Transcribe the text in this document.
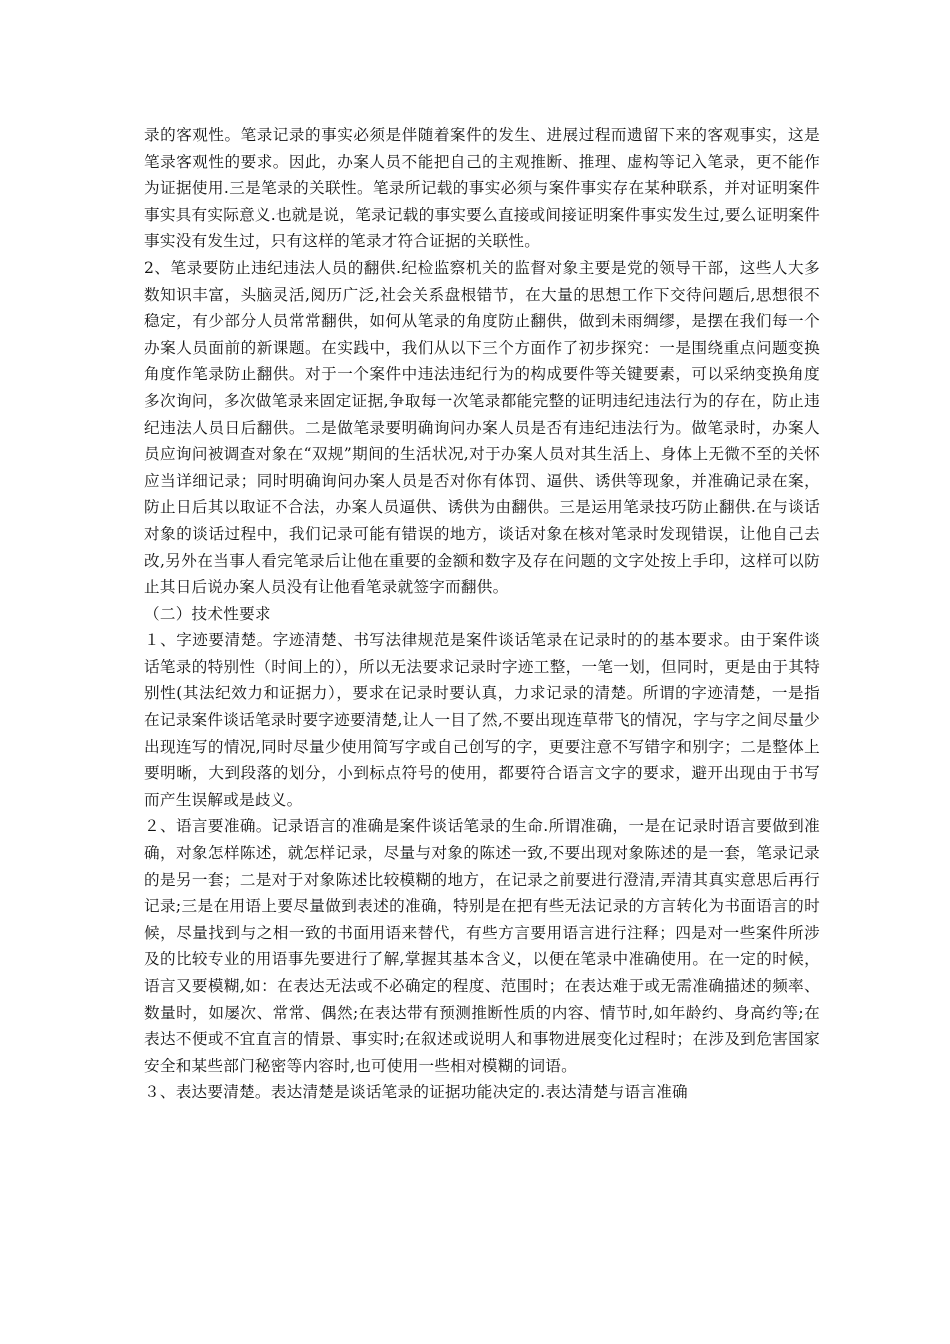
录的客观性。笔录记录的事实必须是伴随着案件的发生、进展过程而遗留下来的客观事实，这是笔录客观性的要求。因此，办案人员不能把自己的主观推断、推理、虚构等记入笔录，更不能作为证据使用.三是笔录的关联性。笔录所记载的事实必须与案件事实存在某种联系，并对证明案件事实具有实际意义.也就是说，笔录记载的事实要么直接或间接证明案件事实发生过,要么证明案件事实没有发生过，只有这样的笔录才符合证据的关联性。

2、笔录要防止违纪违法人员的翻供.纪检监察机关的监督对象主要是党的领导干部，这些人大多数知识丰富，头脑灵活,阅历广泛,社会关系盘根错节，在大量的思想工作下交待问题后,思想很不稳定，有少部分人员常常翻供，如何从笔录的角度防止翻供，做到未雨绸缪，是摆在我们每一个办案人员面前的新课题。在实践中，我们从以下三个方面作了初步探究：一是围绕重点问题变换角度作笔录防止翻供。对于一个案件中违法违纪行为的构成要件等关键要素，可以采纳变换角度多次询问，多次做笔录来固定证据,争取每一次笔录都能完整的证明违纪违法行为的存在，防止违纪违法人员日后翻供。二是做笔录要明确询问办案人员是否有违纪违法行为。做笔录时，办案人员应询问被调查对象在“双规”期间的生活状况,对于办案人员对其生活上、身体上无微不至的关怀应当详细记录；同时明确询问办案人员是否对你有体罚、逼供、诱供等现象，并准确记录在案，防止日后其以取证不合法，办案人员逼供、诱供为由翻供。三是运用笔录技巧防止翻供.在与谈话对象的谈话过程中，我们记录可能有错误的地方，谈话对象在核对笔录时发现错误，让他自己去改,另外在当事人看完笔录后让他在重要的金额和数字及存在问题的文字处按上手印，这样可以防止其日后说办案人员没有让他看笔录就签字而翻供。

（二）技术性要求

１、字迹要清楚。字迹清楚、书写法律规范是案件谈话笔录在记录时的的基本要求。由于案件谈话笔录的特别性（时间上的），所以无法要求记录时字迹工整，一笔一划，但同时，更是由于其特别性(其法纪效力和证据力），要求在记录时要认真，力求记录的清楚。所谓的字迹清楚，一是指在记录案件谈话笔录时要字迹要清楚,让人一目了然,不要出现连草带飞的情况，字与字之间尽量少出现连写的情况,同时尽量少使用简写字或自己创写的字，更要注意不写错字和别字；二是整体上要明晰，大到段落的划分，小到标点符号的使用，都要符合语言文字的要求，避开出现由于书写而产生误解或是歧义。

２、语言要准确。记录语言的准确是案件谈话笔录的生命.所谓准确，一是在记录时语言要做到准确，对象怎样陈述，就怎样记录，尽量与对象的陈述一致,不要出现对象陈述的是一套，笔录记录的是另一套；二是对于对象陈述比较模糊的地方，在记录之前要进行澄清,弄清其真实意思后再行记录;三是在用语上要尽量做到表述的准确，特别是在把有些无法记录的方言转化为书面语言的时候，尽量找到与之相一致的书面用语来替代，有些方言要用语言进行注释；四是对一些案件所涉及的比较专业的用语事先要进行了解,掌握其基本含义，以便在笔录中准确使用。在一定的时候，语言又要模糊,如：在表达无法或不必确定的程度、范围时；在表达难于或无需准确描述的频率、数量时，如屡次、常常、偶然;在表达带有预测推断性质的内容、情节时,如年龄约、身高约等;在表达不便或不宜直言的情景、事实时;在叙述或说明人和事物进展变化过程时；在涉及到危害国家安全和某些部门秘密等内容时,也可使用一些相对模糊的词语。

３、表达要清楚。表达清楚是谈话笔录的证据功能决定的.表达清楚与语言准确
